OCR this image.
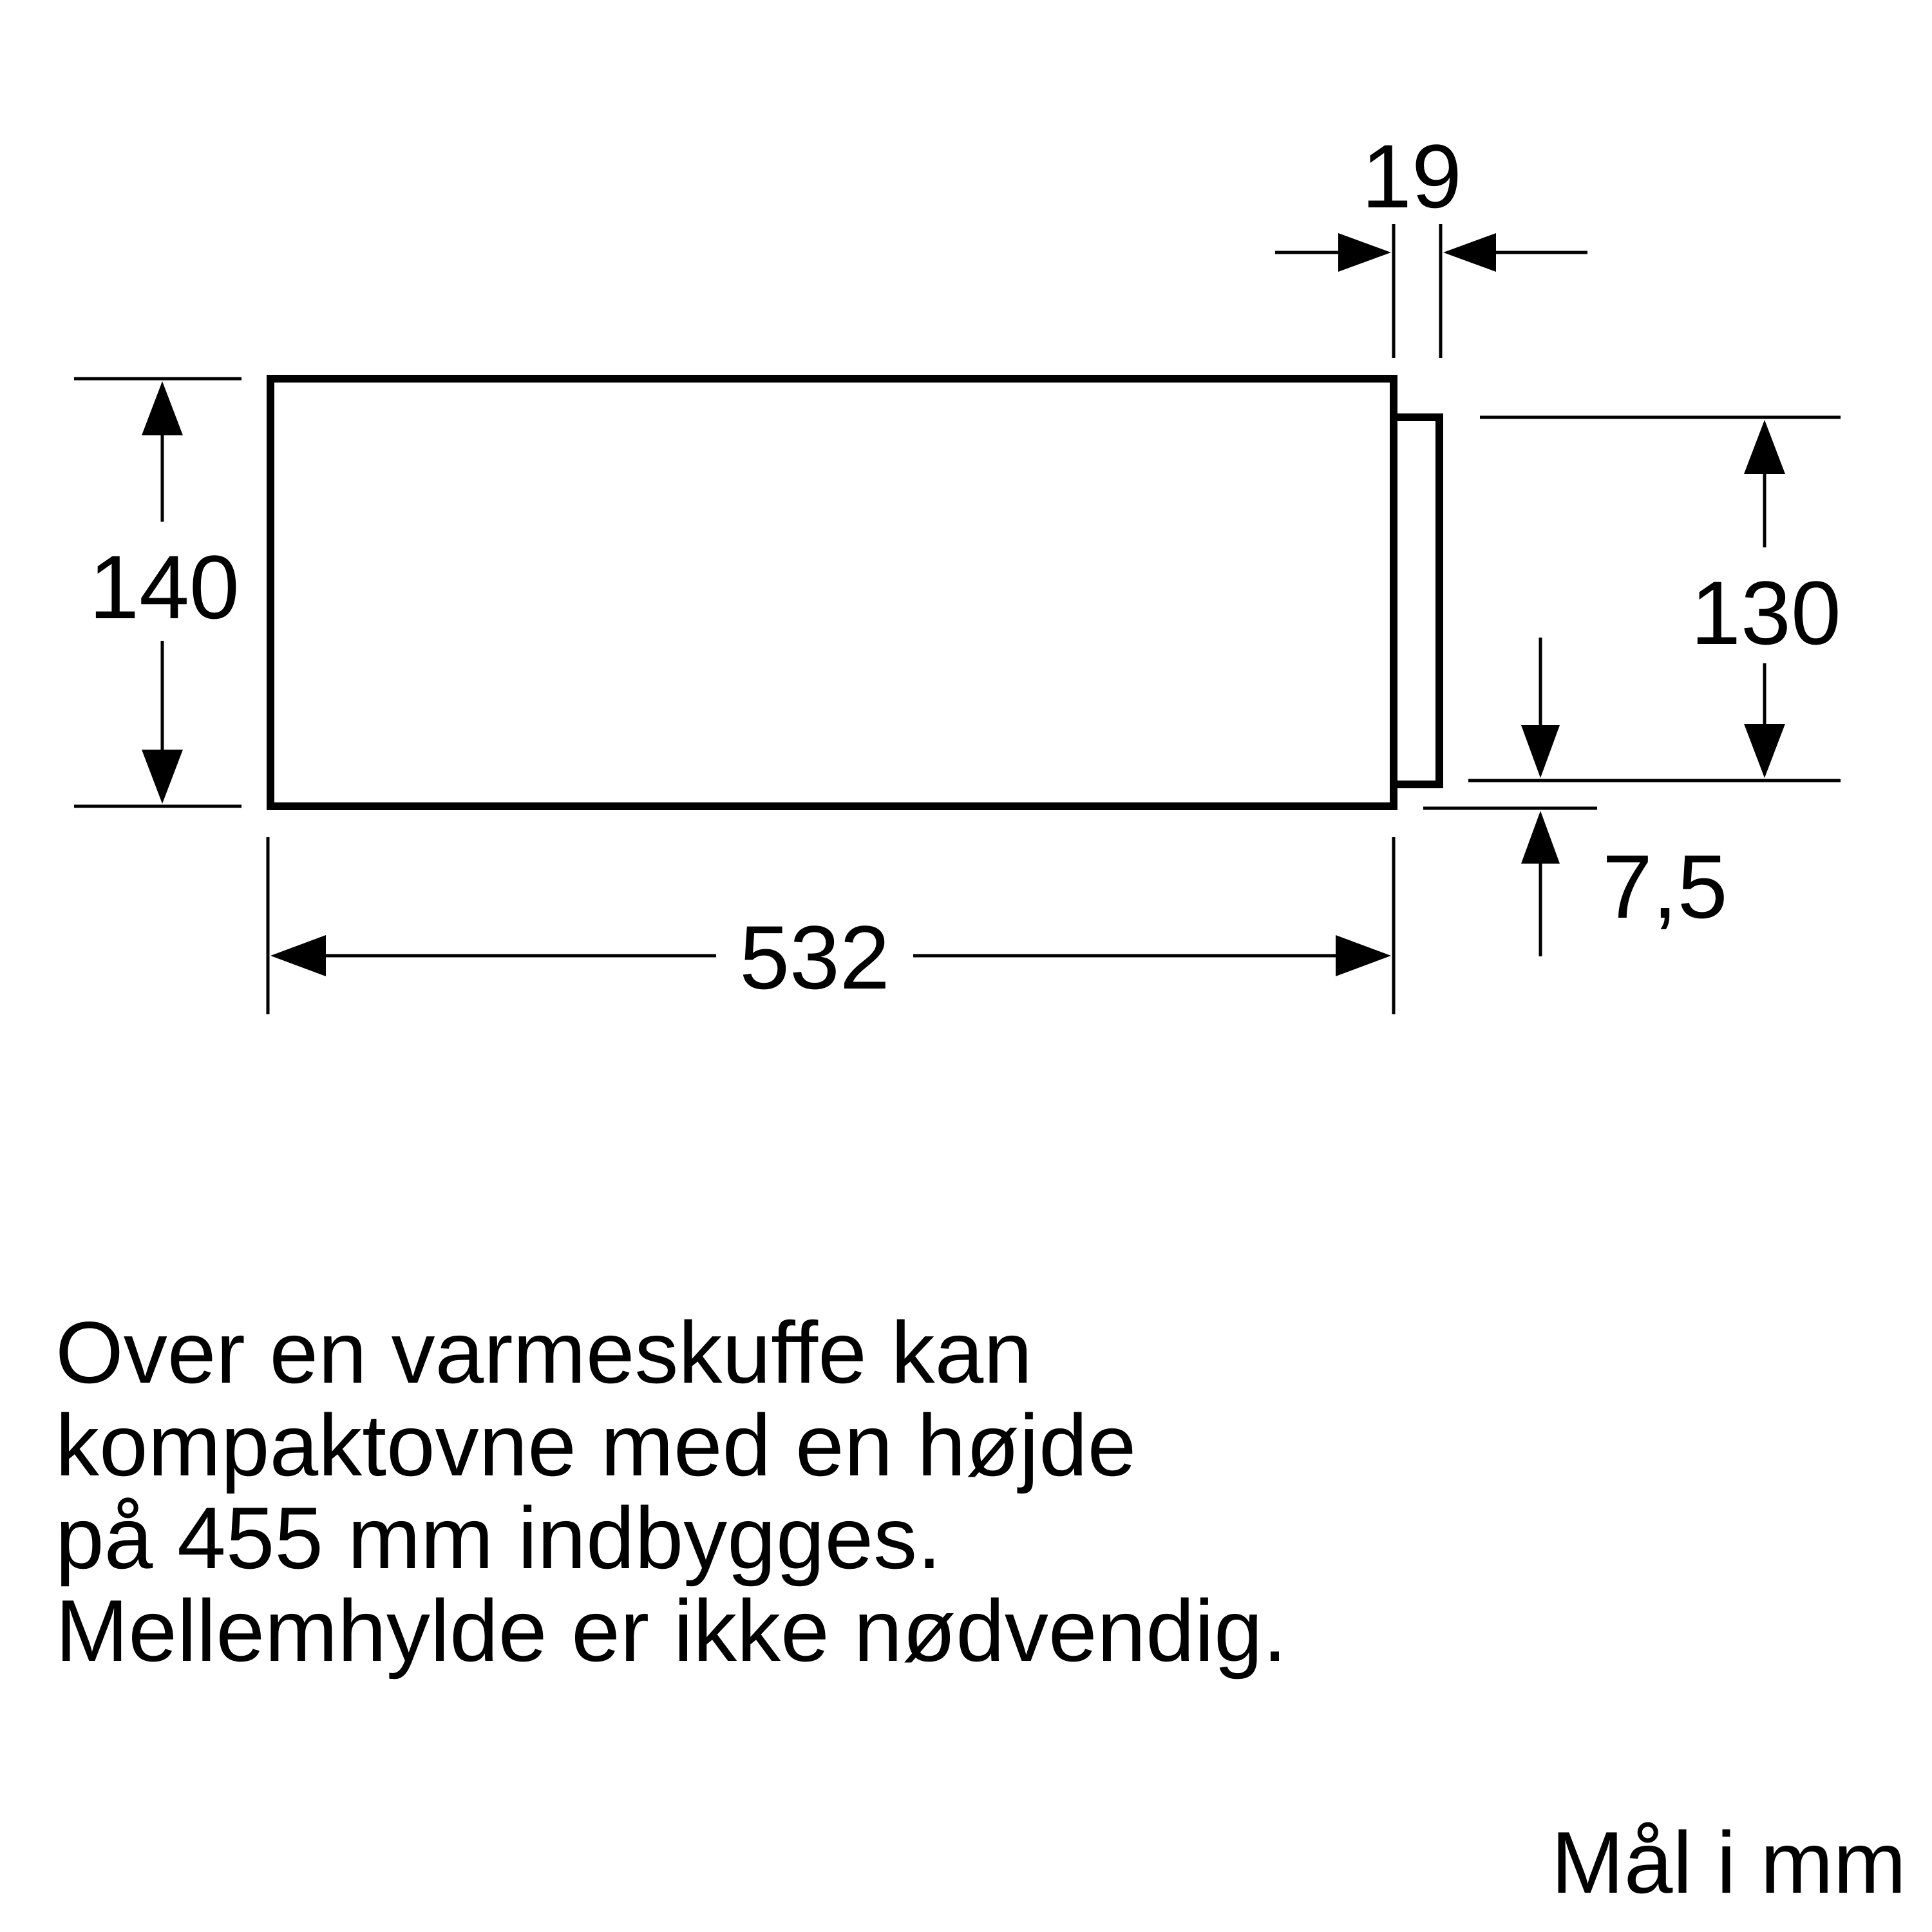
140
532
19
130
7,5
Over en varmeskuffe kan
kompaktovne med en højde
på 455 mm indbygges.
Mellemhylde er ikke nødvendig.
Mål i mm
